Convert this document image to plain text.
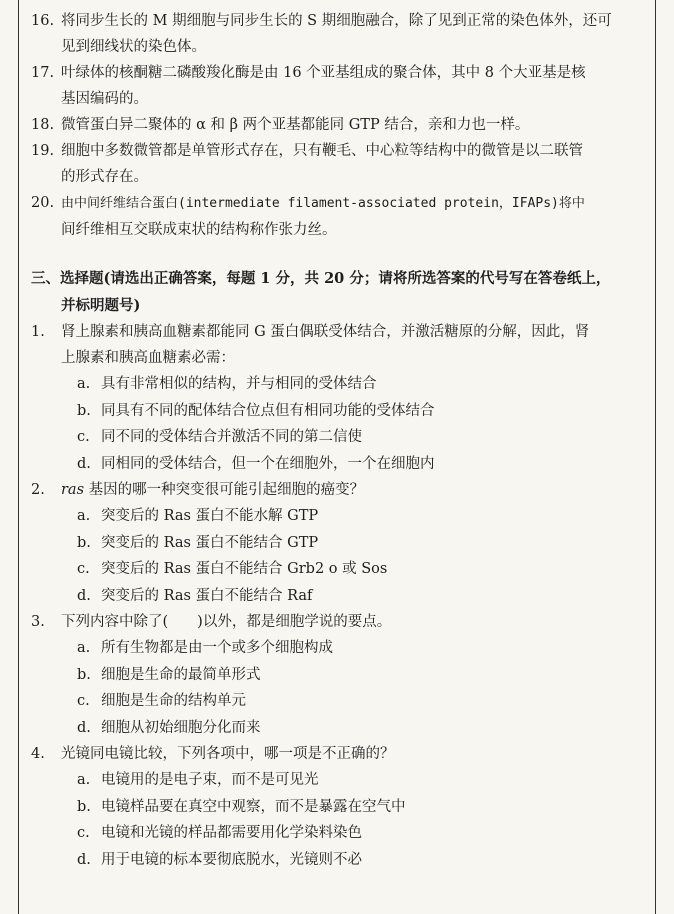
16. 将同步生长的 M 期细胞与同步生长的 S 期细胞融合，除了见到正常的染色体外，还可
见到细线状的染色体。
17. 叶绿体的核酮糖二磷酸羧化酶是由 16 个亚基组成的聚合体，其中 8 个大亚基是核
基因编码的。
18. 微管蛋白异二聚体的 α 和 β 两个亚基都能同 GTP 结合，亲和力也一样。
19. 细胞中多数微管都是单管形式存在，只有鞭毛、中心粒等结构中的微管是以二联管
的形式存在。
20. 由中间纤维结合蛋白(intermediate filament-associated protein，IFAPs)将中
间纤维相互交联成束状的结构称作张力丝。
三、选择题(请选出正确答案，每题 1 分，共 20 分；请将所选答案的代号写在答卷纸上，
并标明题号)
1.	肾上腺素和胰高血糖素都能同 G 蛋白偶联受体结合，并激活糖原的分解，因此，肾
上腺素和胰高血糖素必需：
a. 具有非常相似的结构，并与相同的受体结合
b. 同具有不同的配体结合位点但有相同功能的受体结合
c. 同不同的受体结合并激活不同的第二信使
d. 同相同的受体结合，但一个在细胞外，一个在细胞内
2.	ras 基因的哪一种突变很可能引起细胞的癌变？
a. 突变后的 Ras 蛋白不能水解 GTP
b. 突变后的 Ras 蛋白不能结合 GTP
c. 突变后的 Ras 蛋白不能结合 Grb2 o 或 Sos
d. 突变后的 Ras 蛋白不能结合 Raf
3.	下列内容中除了(　　)以外，都是细胞学说的要点。
a. 所有生物都是由一个或多个细胞构成
b. 细胞是生命的最简单形式
c. 细胞是生命的结构单元
d. 细胞从初始细胞分化而来
4.	光镜同电镜比较，下列各项中，哪一项是不正确的？
a. 电镜用的是电子束，而不是可见光
b. 电镜样品要在真空中观察，而不是暴露在空气中
c. 电镜和光镜的样品都需要用化学染料染色
d. 用于电镜的标本要彻底脱水，光镜则不必
